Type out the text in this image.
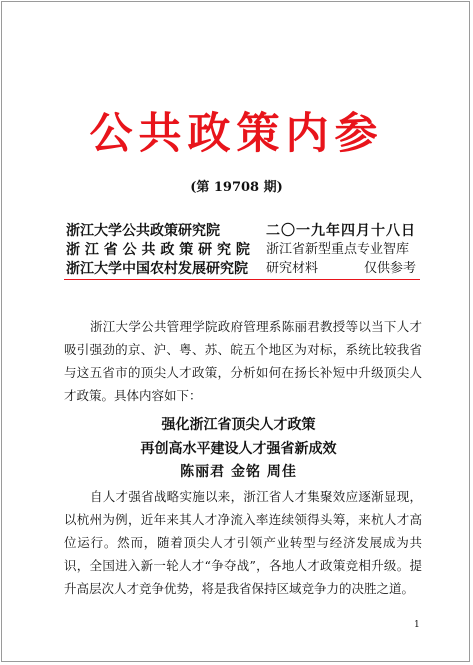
公共政策内参
(第 19708 期)
浙江大学公共政策研究院
浙 江 省 公 共 政 策 研 究 院
浙江大学中国农村发展研究院
二〇一九年四月十八日
浙江省新型重点专业智库
研究材料	仅供参考
浙江大学公共管理学院政府管理系陈丽君教授等以当下人才吸引强劲的京、沪、粤、苏、皖五个地区为对标，系统比较我省与这五省市的顶尖人才政策，分析如何在扬长补短中升级顶尖人才政策。具体内容如下：
强化浙江省顶尖人才政策
再创高水平建设人才强省新成效
陈丽君 金铭 周佳
自人才强省战略实施以来，浙江省人才集聚效应逐渐显现，以杭州为例，近年来其人才净流入率连续领得头筹，来杭人才高位运行。然而，随着顶尖人才引领产业转型与经济发展成为共识，全国进入新一轮人才“争夺战”，各地人才政策竞相升级。提升高层次人才竞争优势，将是我省保持区域竞争力的决胜之道。
1
